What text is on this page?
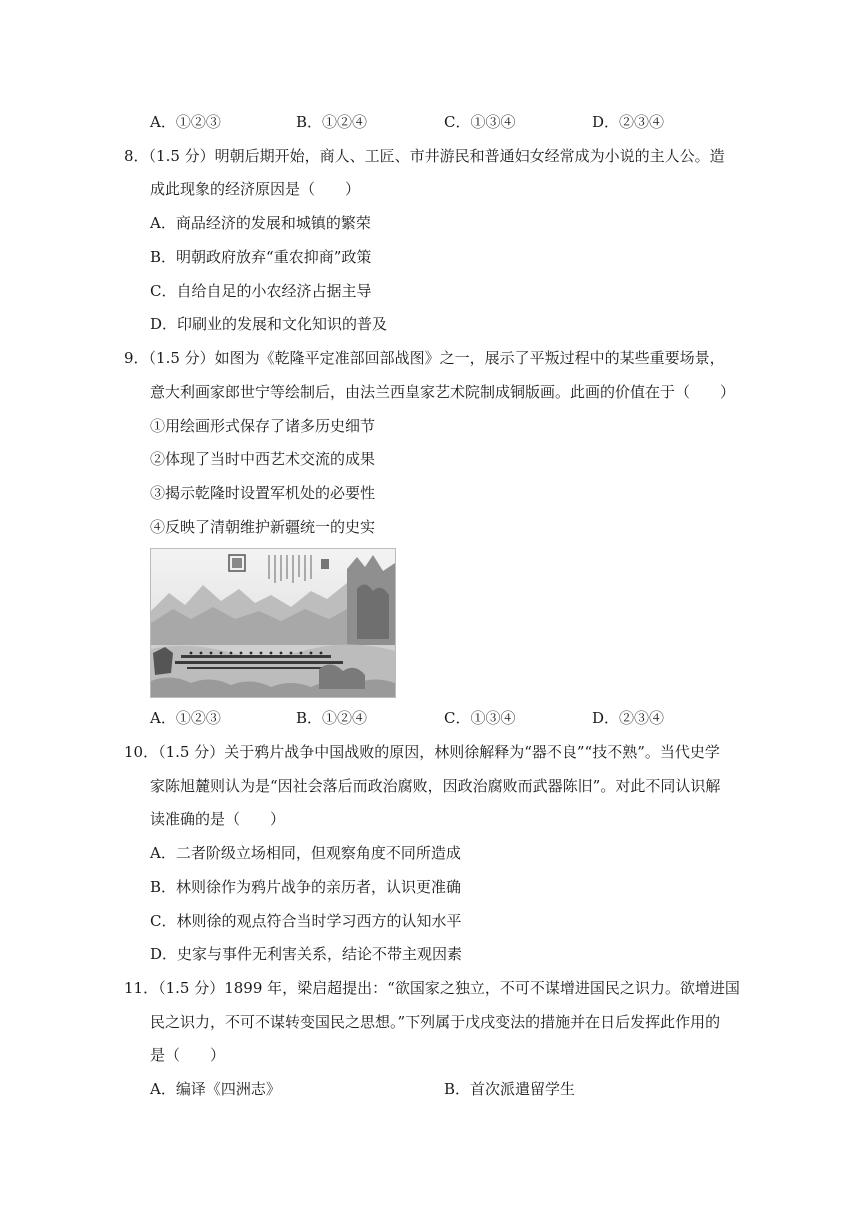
A．①②③	B．①②④	C．①③④	D．②③④
8．（1.5 分）明朝后期开始，商人、工匠、市井游民和普通妇女经常成为小说的主人公。造
成此现象的经济原因是（　　）
A．商品经济的发展和城镇的繁荣
B．明朝政府放弃“重农抑商”政策
C．自给自足的小农经济占据主导
D．印刷业的发展和文化知识的普及
9．（1.5 分）如图为《乾隆平定准部回部战图》之一，展示了平叛过程中的某些重要场景，
意大利画家郎世宁等绘制后，由法兰西皇家艺术院制成铜版画。此画的价值在于（　　）
①用绘画形式保存了诸多历史细节
②体现了当时中西艺术交流的成果
③揭示乾隆时设置军机处的必要性
④反映了清朝维护新疆统一的史实
A．①②③	B．①②④	C．①③④	D．②③④
10．（1.5 分）关于鸦片战争中国战败的原因，林则徐解释为“器不良”“技不熟”。当代史学
家陈旭麓则认为是“因社会落后而政治腐败，因政治腐败而武器陈旧”。对此不同认识解
读准确的是（　　）
A．二者阶级立场相同，但观察角度不同所造成
B．林则徐作为鸦片战争的亲历者，认识更准确
C．林则徐的观点符合当时学习西方的认知水平
D．史家与事件无利害关系，结论不带主观因素
11．（1.5 分）1899 年，梁启超提出：“欲国家之独立，不可不谋增进国民之识力。欲增进国
民之识力，不可不谋转变国民之思想。”下列属于戊戌变法的措施并在日后发挥此作用的
是（　　）
A．编译《四洲志》	B．首次派遣留学生
